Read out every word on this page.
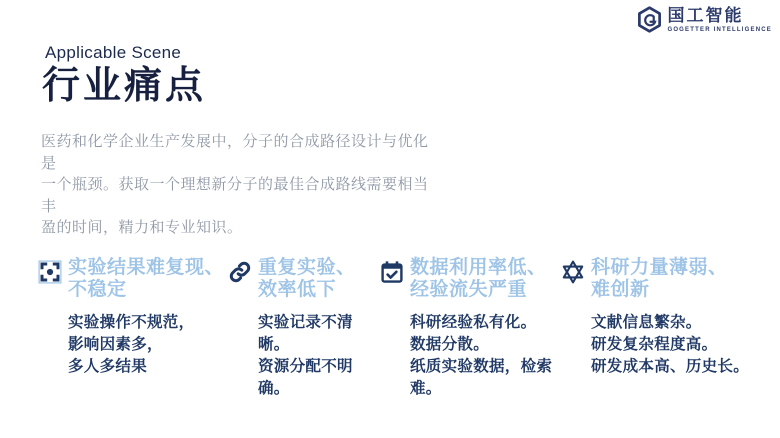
国工智能
GOGETTER INTELLIGENCE
Applicable Scene
行业痛点
医药和化学企业生产发展中，分子的合成路径设计与优化是
一个瓶颈。获取一个理想新分子的最佳合成路线需要相当丰
盈的时间，精力和专业知识。
实验结果难复现、
不稳定
实验操作不规范，
影响因素多，
多人多结果
重复实验、
效率低下
实验记录不清晰。
资源分配不明确。
数据利用率低、
经验流失严重
科研经验私有化。
数据分散。
纸质实验数据，检索难。
科研力量薄弱、
难创新
文献信息繁杂。
研发复杂程度高。
研发成本高、历史长。
